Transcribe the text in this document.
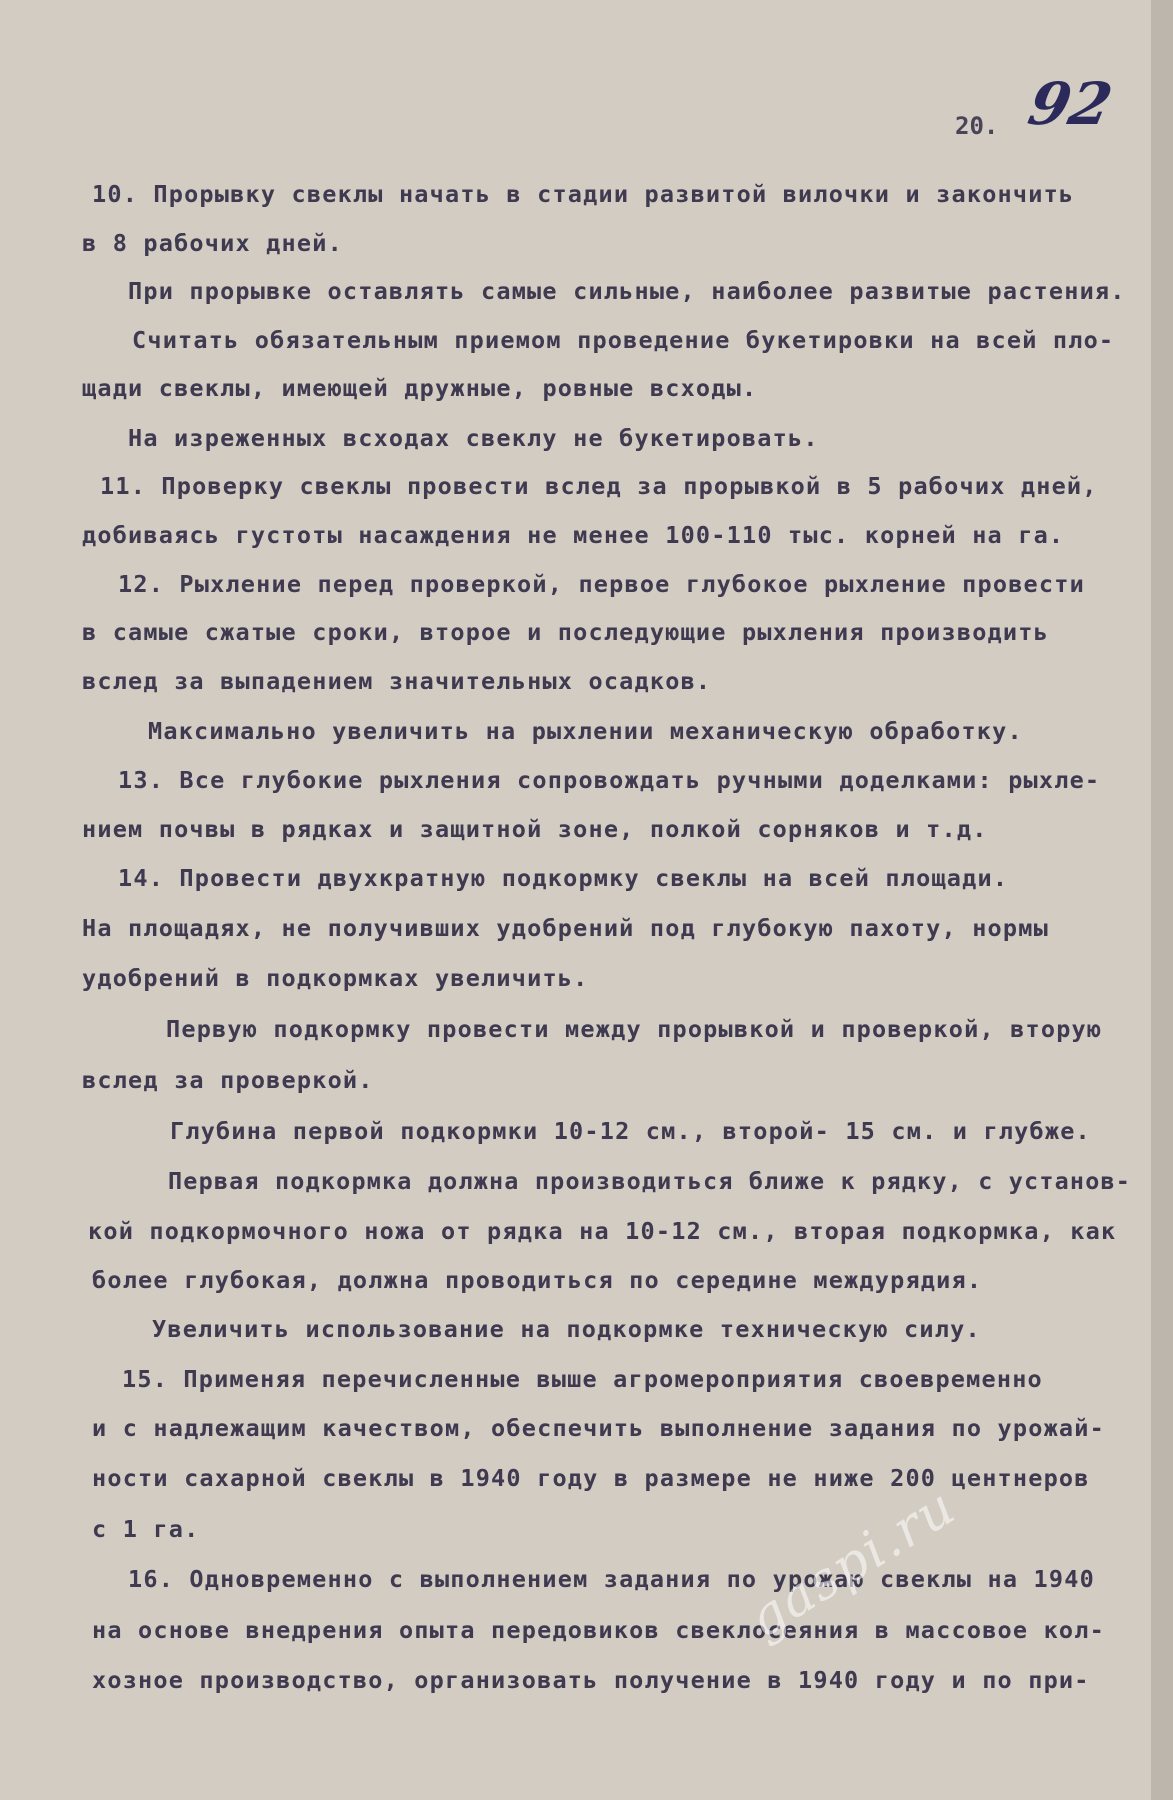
20. 92
10. Прорывку свеклы начать в стадии развитой вилочки и закончить
в 8 рабочих дней.
При прорывке оставлять самые сильные, наиболее развитые растения.
Считать обязательным приемом проведение букетировки на всей пло-
щади свеклы, имеющей дружные, ровные всходы.
На изреженных всходах свеклу не букетировать.
11. Проверку свеклы провести вслед за прорывкой в 5 рабочих дней,
добиваясь густоты насаждения не менее 100-110 тыс. корней на га.
12. Рыхление перед проверкой, первое глубокое рыхление провести
в самые сжатые сроки, второе и последующие рыхления производить
вслед за выпадением значительных осадков.
Максимально увеличить на рыхлении механическую обработку.
13. Все глубокие рыхления сопровождать ручными доделками: рыхле-
нием почвы в рядках и защитной зоне, полкой сорняков и т.д.
14. Провести двухкратную подкормку свеклы на всей площади.
На площадях, не получивших удобрений под глубокую пахоту, нормы
удобрений в подкормках увеличить.
Первую подкормку провести между прорывкой и проверкой, вторую
вслед за проверкой.
Глубина первой подкормки 10-12 см., второй- 15 см. и глубже.
Первая подкормка должна производиться ближе к рядку, с установ-
кой подкормочного ножа от рядка на 10-12 см., вторая подкормка, как
более глубокая, должна проводиться по середине междурядия.
Увеличить использование на подкормке техническую силу.
15. Применяя перечисленные выше агромероприятия своевременно
и с надлежащим качеством, обеспечить выполнение задания по урожай-
ности сахарной свеклы в 1940 году в размере не ниже 200 центнеров
с 1 га.
16. Одновременно с выполнением задания по урожаю свеклы на 1940
на основе внедрения опыта передовиков свеклосеяния в массовое кол-
хозное производство, организовать получение в 1940 году и по при-
gaspi.ru
